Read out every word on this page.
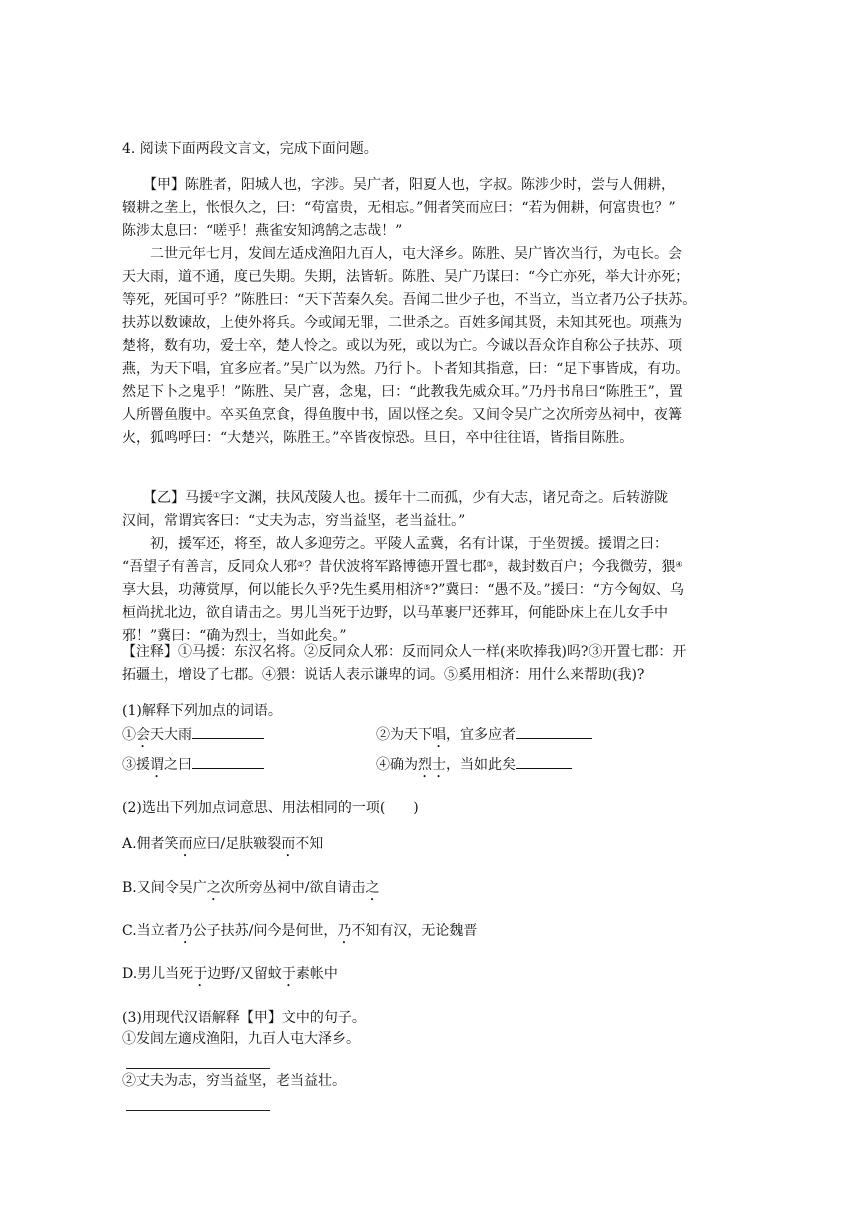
4. 阅读下面两段文言文，完成下面问题。
　　【甲】陈胜者，阳城人也，字涉。吴广者，阳夏人也，字叔。陈涉少时，尝与人佣耕，
辍耕之垄上，怅恨久之，曰：“苟富贵，无相忘。”佣者笑而应曰：“若为佣耕，何富贵也？”
陈涉太息曰：“嗟乎！燕雀安知鸿鹄之志哉！”
　　二世元年七月，发闾左适戍渔阳九百人，屯大泽乡。陈胜、吴广皆次当行，为屯长。会
天大雨，道不通，度已失期。失期，法皆斩。陈胜、吴广乃谋曰：“今亡亦死，举大计亦死；
等死，死国可乎？”陈胜曰：“天下苦秦久矣。吾闻二世少子也，不当立，当立者乃公子扶苏。
扶苏以数谏故，上使外将兵。今或闻无罪，二世杀之。百姓多闻其贤，未知其死也。项燕为
楚将，数有功，爱士卒，楚人怜之。或以为死，或以为亡。今诚以吾众诈自称公子扶苏、项
燕，为天下唱，宜多应者。”吴广以为然。乃行卜。卜者知其指意，曰：“足下事皆成，有功。
然足下卜之鬼乎！”陈胜、吴广喜，念鬼，曰：“此教我先威众耳。”乃丹书帛曰“陈胜王”，置
人所罾鱼腹中。卒买鱼烹食，得鱼腹中书，固以怪之矣。又间令吴广之次所旁丛祠中，夜篝
火，狐鸣呼曰：“大楚兴，陈胜王。”卒皆夜惊恐。旦日，卒中往往语，皆指目陈胜。
　　【乙】马援①字文渊，扶风茂陵人也。援年十二而孤，少有大志，诸兄奇之。后转游陇
汉间，常谓宾客曰：“丈夫为志，穷当益坚，老当益壮。”
　　初，援军还，将至，故人多迎劳之。平陵人孟冀，名有计谋，于坐贺援。援谓之曰：
“吾望子有善言，反同众人邪②？昔伏波将军路博德开置七郡③，裁封数百户；今我微劳，猥④
享大县，功薄赏厚，何以能长久乎?先生奚用相济⑤?”冀曰：“愚不及。”援曰：“方今匈奴、乌
桓尚扰北边，欲自请击之。男儿当死于边野，以马革裹尸还葬耳，何能卧床上在儿女手中
邪！”冀曰：“确为烈士，当如此矣。”
【注释】①马援：东汉名将。②反同众人邪：反而同众人一样(来吹捧我)吗?③开置七郡：开
拓疆土，增设了七郡。④猥：说话人表示谦卑的词。⑤奚用相济：用什么来帮助(我)?
(1)解释下列加点的词语。
①会天大雨	②为天下唱，宜多应者
③援谓之曰	④确为烈士，当如此矣
(2)选出下列加点词意思、用法相同的一项(　　)
A.佣者笑而应曰/足肤皲裂而不知
B.又间令吴广之次所旁丛祠中/欲自请击之
C.当立者乃公子扶苏/问今是何世，乃不知有汉，无论魏晋
D.男儿当死于边野/又留蚊于素帐中
(3)用现代汉语解释【甲】文中的句子。
①发闾左適戍渔阳，九百人屯大泽乡。
②丈夫为志，穷当益坚，老当益壮。
